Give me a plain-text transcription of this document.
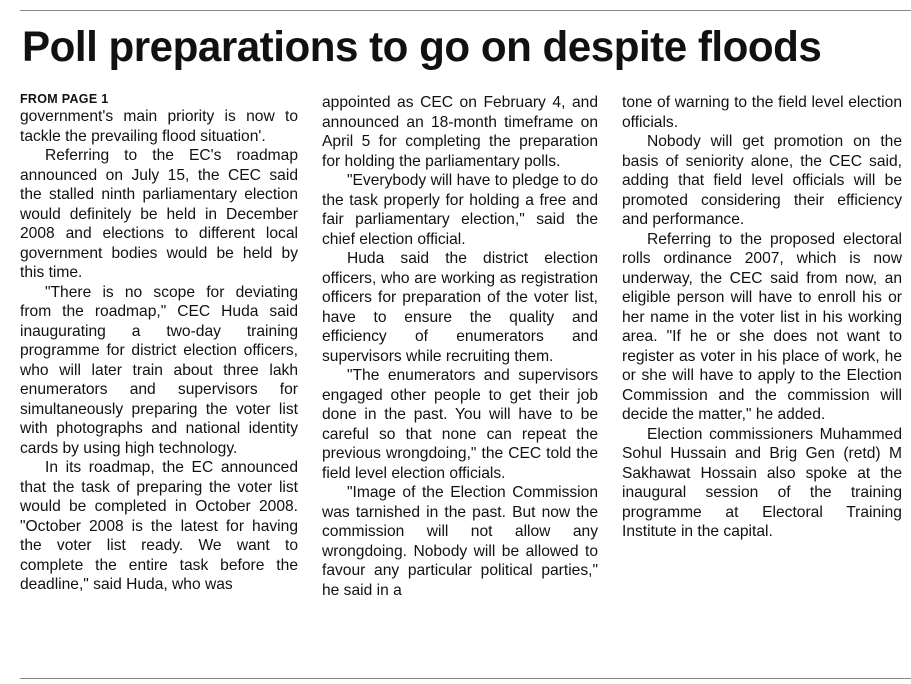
Poll preparations to go on despite floods
FROM PAGE 1

government's main priority is now to tackle the prevailing flood situation'.

Referring to the EC's roadmap announced on July 15, the CEC said the stalled ninth parliamentary election would definitely be held in December 2008 and elections to different local government bodies would be held by this time.

"There is no scope for deviating from the roadmap," CEC Huda said inaugurating a two-day training programme for district election officers, who will later train about three lakh enumerators and supervisors for simultaneously preparing the voter list with photographs and national identity cards by using high technology.

In its roadmap, the EC announced that the task of preparing the voter list would be completed in October 2008. "October 2008 is the latest for having the voter list ready. We want to complete the entire task before the deadline," said Huda, who was

appointed as CEC on February 4, and announced an 18-month timeframe on April 5 for completing the preparation for holding the parliamentary polls.

"Everybody will have to pledge to do the task properly for holding a free and fair parliamentary election," said the chief election official.

Huda said the district election officers, who are working as registration officers for preparation of the voter list, have to ensure the quality and efficiency of enumerators and supervisors while recruiting them.

"The enumerators and supervisors engaged other people to get their job done in the past. You will have to be careful so that none can repeat the previous wrongdoing," the CEC told the field level election officials.

"Image of the Election Commission was tarnished in the past. But now the commission will not allow any wrongdoing. Nobody will be allowed to favour any particular political parties," he said in a

tone of warning to the field level election officials.

Nobody will get promotion on the basis of seniority alone, the CEC said, adding that field level officials will be promoted considering their efficiency and performance.

Referring to the proposed electoral rolls ordinance 2007, which is now underway, the CEC said from now, an eligible person will have to enroll his or her name in the voter list in his working area. "If he or she does not want to register as voter in his place of work, he or she will have to apply to the Election Commission and the commission will decide the matter," he added.

Election commissioners Muhammed Sohul Hussain and Brig Gen (retd) M Sakhawat Hossain also spoke at the inaugural session of the training programme at Electoral Training Institute in the capital.
